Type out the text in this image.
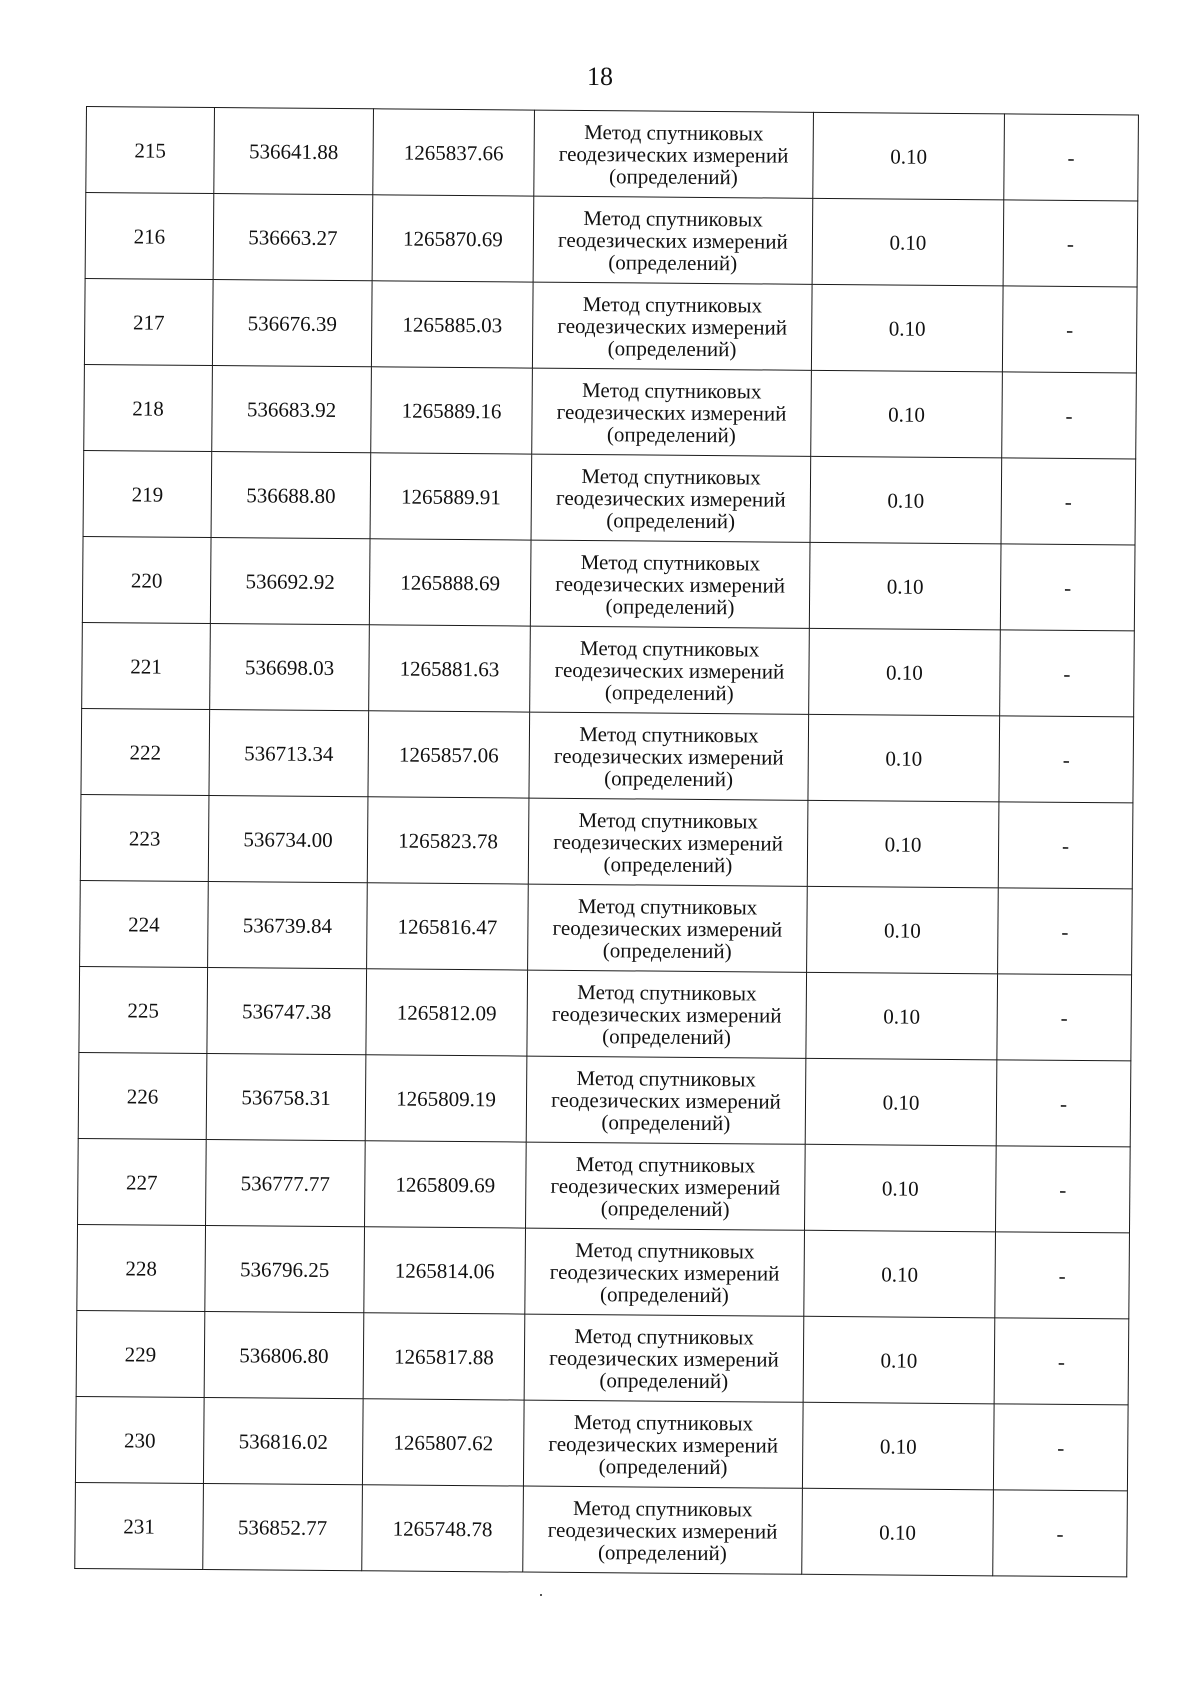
18
215	536641.88	1265837.66	Метод спутниковых
геодезических измерений
(определений)	0.10	-
216	536663.27	1265870.69	Метод спутниковых
геодезических измерений
(определений)	0.10	-
217	536676.39	1265885.03	Метод спутниковых
геодезических измерений
(определений)	0.10	-
218	536683.92	1265889.16	Метод спутниковых
геодезических измерений
(определений)	0.10	-
219	536688.80	1265889.91	Метод спутниковых
геодезических измерений
(определений)	0.10	-
220	536692.92	1265888.69	Метод спутниковых
геодезических измерений
(определений)	0.10	-
221	536698.03	1265881.63	Метод спутниковых
геодезических измерений
(определений)	0.10	-
222	536713.34	1265857.06	Метод спутниковых
геодезических измерений
(определений)	0.10	-
223	536734.00	1265823.78	Метод спутниковых
геодезических измерений
(определений)	0.10	-
224	536739.84	1265816.47	Метод спутниковых
геодезических измерений
(определений)	0.10	-
225	536747.38	1265812.09	Метод спутниковых
геодезических измерений
(определений)	0.10	-
226	536758.31	1265809.19	Метод спутниковых
геодезических измерений
(определений)	0.10	-
227	536777.77	1265809.69	Метод спутниковых
геодезических измерений
(определений)	0.10	-
228	536796.25	1265814.06	Метод спутниковых
геодезических измерений
(определений)	0.10	-
229	536806.80	1265817.88	Метод спутниковых
геодезических измерений
(определений)	0.10	-
230	536816.02	1265807.62	Метод спутниковых
геодезических измерений
(определений)	0.10	-
231	536852.77	1265748.78	Метод спутниковых
геодезических измерений
(определений)	0.10	-
